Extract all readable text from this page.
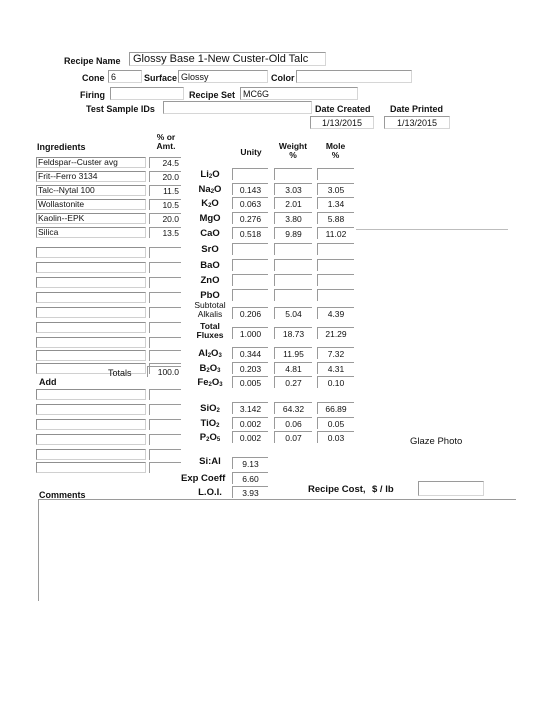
Recipe Name Glossy Base 1-New Custer-Old Talc
Cone 6	Surface Glossy	Color
Firing	Recipe Set MC6G
Test Sample IDs	Date Created
1/13/2015
Date Printed
1/13/2015
Ingredients
% or
Amt.
Feldspar--Custer avg	24.5
Frit--Ferro 3134	20.0
Talc--Nytal 100	11.5
Wollastonite	10.5
Kaolin--EPK	20.0
Silica	13.5
Totals	100.0
Add
Unity
Weight
%
Mole
%
$Li_2O$
$Na_2O$	0.143	3.03	3.05
$K_2O$	0.063	2.01	1.34
MgO	0.276	3.80	5.88
CaO	0.518	9.89	11.02
SrO
BaO
ZnO
PbO
Subtotal
Alkalis	0.206	5.04	4.39
Total
Fluxes	1.000	18.73	21.29
$Al_2O_3$	0.344	11.95	7.32
$B_2O_3$	0.203	4.81	4.31
$Fe_2O_3$	0.005	0.27	0.10
SiO$_2$	3.142	64.32	66.89
TiO$_2$	0.002	0.06	0.05
$P_2O_5$	0.002	0.07	0.03
Si:Al	9.13
Exp Coeff	6.60
L.O.I.	3.93
Glaze Photo
Recipe Cost, $ / lb
Comments
